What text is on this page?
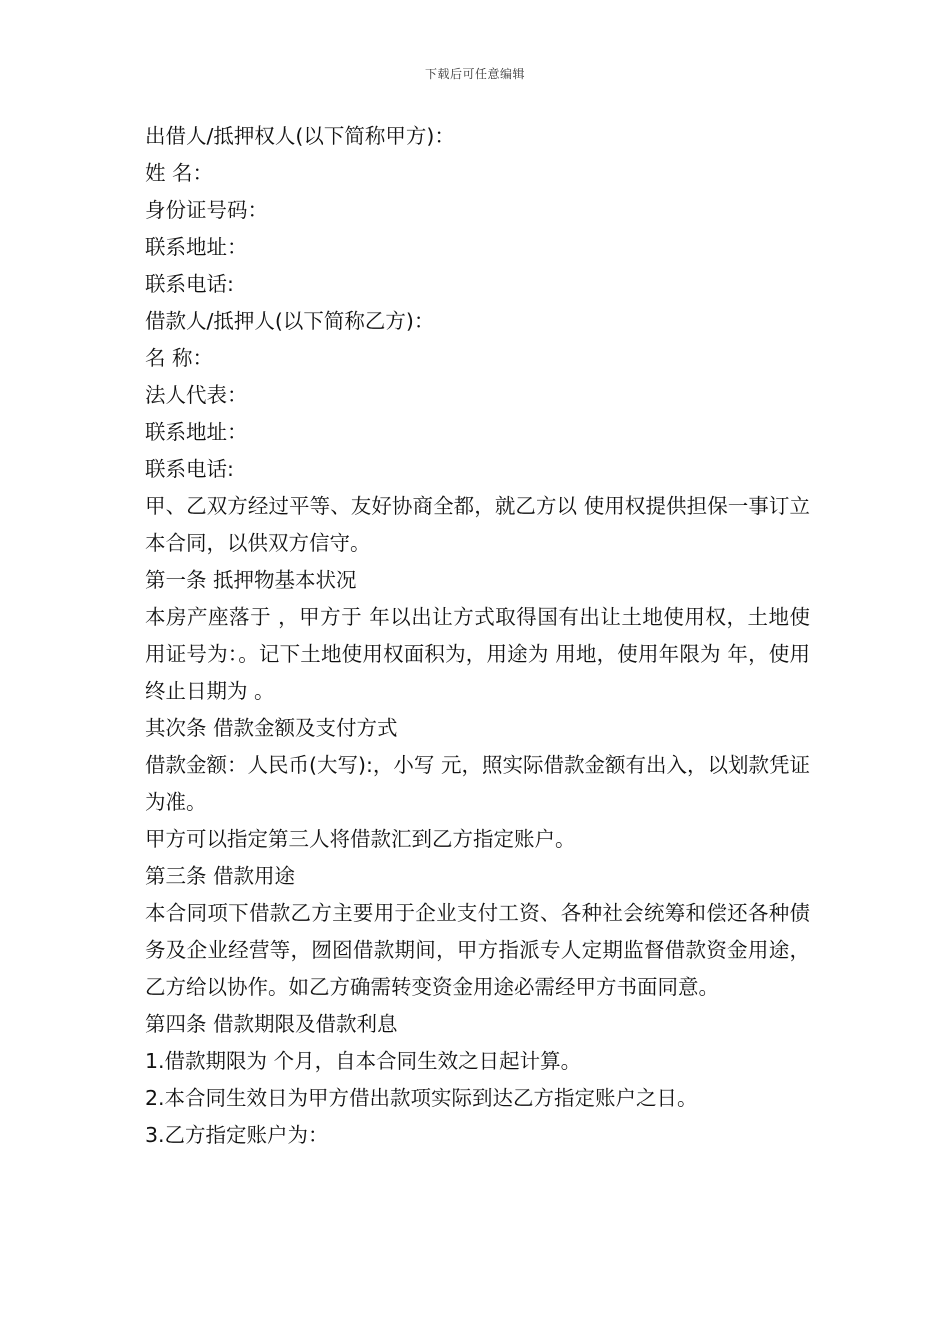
下载后可任意编辑

出借人/抵押权人(以下简称甲方)：

姓 名：

身份证号码：

联系地址：

联系电话:

借款人/抵押人(以下简称乙方)：

名 称：

法人代表：

联系地址：

联系电话:

甲、乙双方经过平等、友好协商全都，就乙方以 使用权提供担保一事订立本合同，以供双方信守。

第一条 抵押物基本状况

本房产座落于 ，甲方于 年以出让方式取得国有出让土地使用权，土地使用证号为：。记下土地使用权面积为，用途为 用地，使用年限为 年，使用终止日期为 。

其次条 借款金额及支付方式

借款金额：人民币(大写):，小写 元，照实际借款金额有出入，以划款凭证为准。

甲方可以指定第三人将借款汇到乙方指定账户。

第三条 借款用途

本合同项下借款乙方主要用于企业支付工资、各种社会统筹和偿还各种债务及企业经营等，囫囵借款期间，甲方指派专人定期监督借款资金用途，乙方给以协作。如乙方确需转变资金用途必需经甲方书面同意。

第四条 借款期限及借款利息

1.借款期限为 个月，自本合同生效之日起计算。

2.本合同生效日为甲方借出款项实际到达乙方指定账户之日。

3.乙方指定账户为：
